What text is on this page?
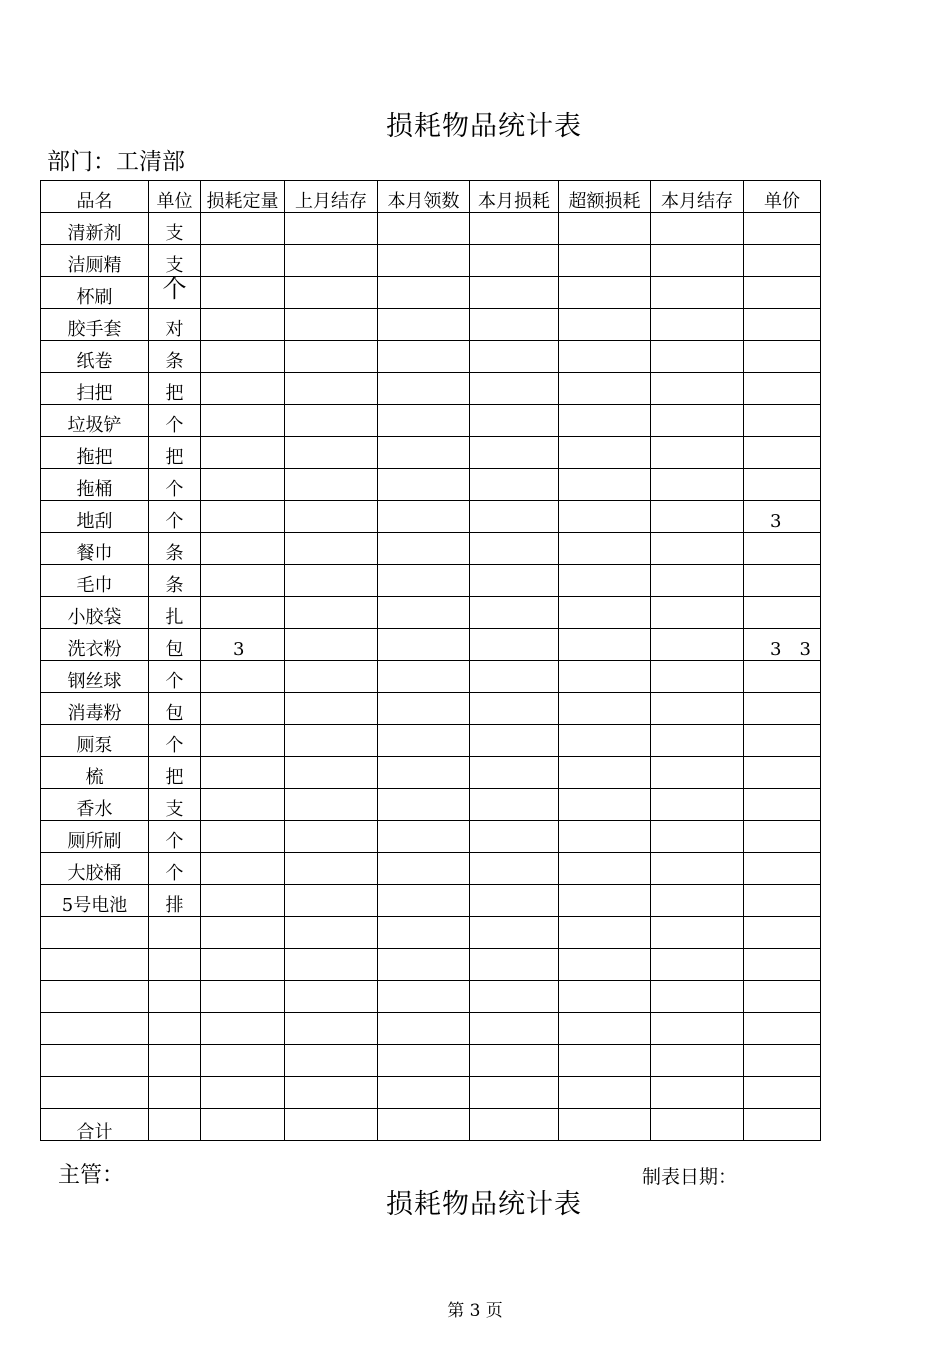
损耗物品统计表
部门：工清部
品名	单位	损耗定量	上月结存	本月领数	本月损耗	超额损耗	本月结存	单价
清新剂	支							
洁厕精	支							
杯刷	个							
胶手套	对							
纸卷	条							
扫把	把							
垃圾铲	个							
拖把	把							
拖桶	个							
地刮	个							3
餐巾	条							
毛巾	条							
小胶袋	扎							
洗衣粉	包	3						3　3
钢丝球	个							
消毒粉	包							
厕泵	个							
梳	把							
香水	支							
厕所刷	个							
大胶桶	个							
5号电池	排							

合计								
主管：	制表日期：
损耗物品统计表
第 3 页
